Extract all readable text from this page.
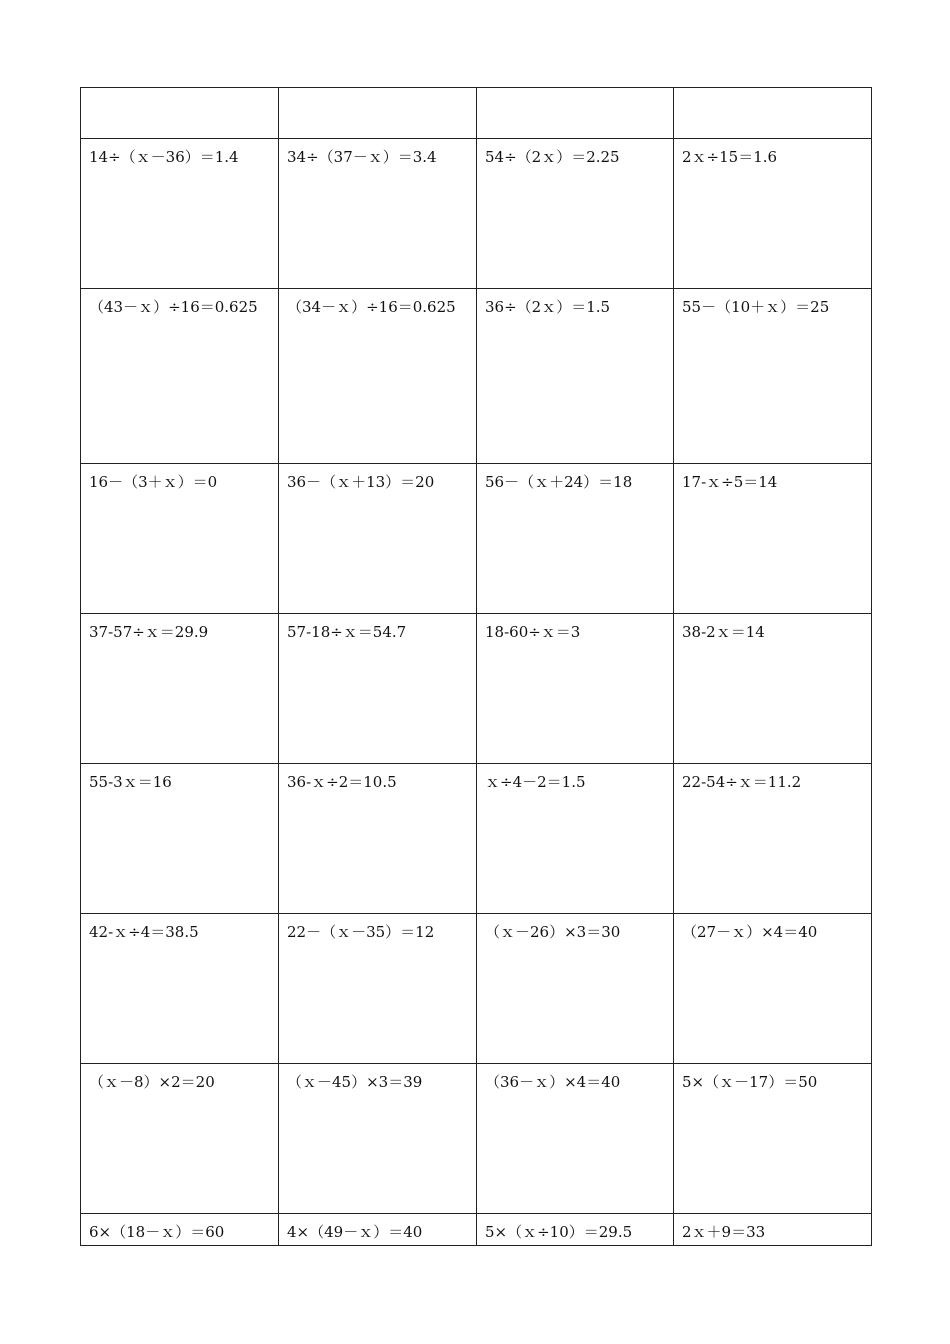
14÷（ｘ－36）＝1.4	34÷（37－ｘ）＝3.4	54÷（2ｘ）＝2.25	2ｘ÷15＝1.6
（43－ｘ）÷16＝0.625	（34－ｘ）÷16＝0.625	36÷（2ｘ）＝1.5	55－（10＋ｘ）＝25
16－（3＋ｘ）＝0	36－（ｘ＋13）＝20	56－（ｘ＋24）＝18	17-ｘ÷5＝14
37-57÷ｘ＝29.9	57-18÷ｘ＝54.7	18-60÷ｘ＝3	38-2ｘ＝14
55-3ｘ＝16	36-ｘ÷2＝10.5	ｘ÷4－2＝1.5	22-54÷ｘ＝11.2
42-ｘ÷4＝38.5	22－（ｘ－35）＝12	（ｘ－26）×3＝30	（27－ｘ）×4＝40
（ｘ－8）×2＝20	（ｘ－45）×3＝39	（36－ｘ）×4＝40	5×（ｘ－17）＝50
6×（18－ｘ）＝60	4×（49－ｘ）＝40	5×（ｘ÷10）＝29.5	2ｘ＋9＝33
